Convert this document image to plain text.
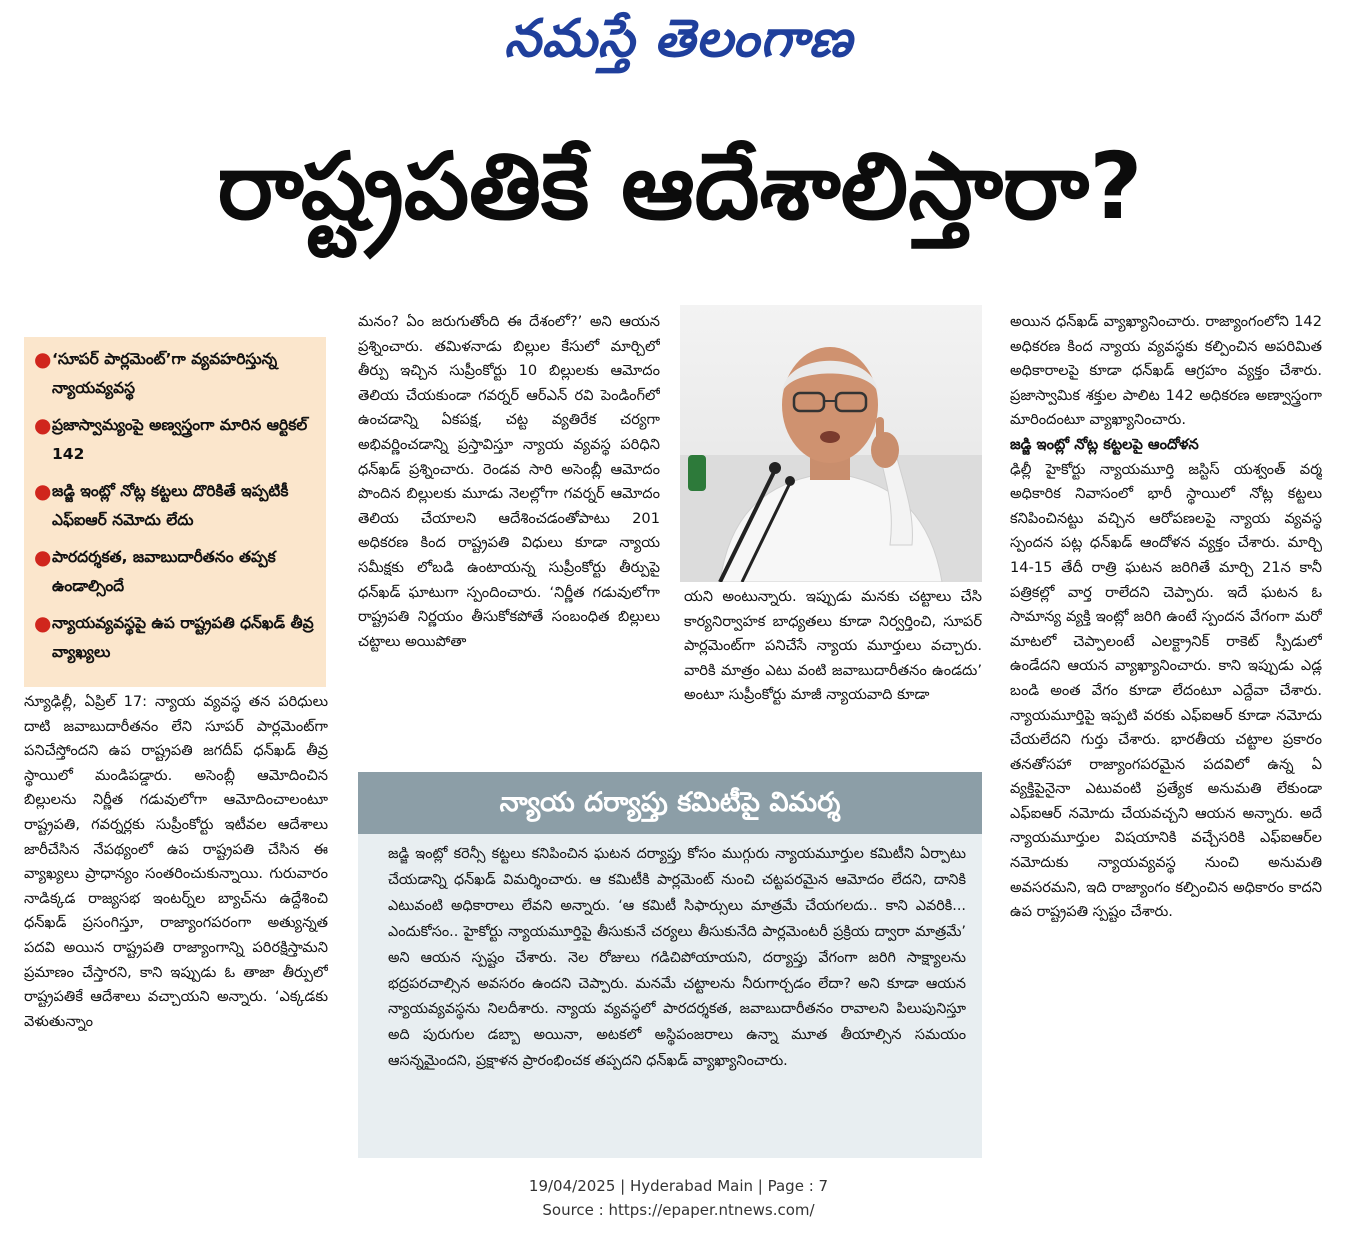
నమస్తే తెలంగాణ
రాష్ట్రపతికే ఆదేశాలిస్తారా?
● ‘సూపర్ పార్లమెంట్’గా వ్యవహరిస్తున్న న్యాయవ్యవస్థ
● ప్రజాస్వామ్యంపై అణ్వస్త్రంగా మారిన ఆర్టికల్ 142
● జడ్జి ఇంట్లో నోట్ల కట్టలు దొరికితే ఇప్పటికీ ఎఫ్ఐఆర్ నమోదు లేదు
● పారదర్శకత, జవాబుదారీతనం తప్పక ఉండాల్సిందే
● న్యాయవ్యవస్థపై ఉప రాష్ట్రపతి ధన్‌ఖడ్ తీవ్ర వ్యాఖ్యలు

న్యూఢిల్లీ, ఏప్రిల్ 17: న్యాయ వ్యవస్థ తన పరిధులు దాటి జవాబుదారీతనం లేని సూపర్ పార్లమెంట్‌గా పనిచేస్తోందని ఉప రాష్ట్రపతి జగదీప్ ధన్‌ఖడ్ తీవ్ర స్థాయిలో మండిపడ్డారు. అసెంబ్లీ ఆమోదించిన బిల్లులను నిర్ణీత గడువులోగా ఆమోదించాలంటూ రాష్ట్రపతి, గవర్నర్లకు సుప్రీంకోర్టు ఇటీవల ఆదేశాలు జారీచేసిన నేపథ్యంలో ఉప రాష్ట్రపతి చేసిన ఈ వ్యాఖ్యలు ప్రాధాన్యం సంతరించుకున్నాయి. గురువారం నాడిక్కడ రాజ్యసభ ఇంటర్న్‌ల బ్యాచ్‌ను ఉద్దేశించి ధన్‌ఖడ్ ప్రసంగిస్తూ, రాజ్యాంగపరంగా అత్యున్నత పదవి అయిన రాష్ట్రపతి రాజ్యాంగాన్ని పరిరక్షిస్తామని ప్రమాణం చేస్తారని, కాని ఇప్పుడు ఓ తాజా తీర్పులో రాష్ట్రపతికే ఆదేశాలు వచ్చాయని అన్నారు. ‘ఎక్కడకు వెళుతున్నాం

మనం? ఏం జరుగుతోంది ఈ దేశంలో?’ అని ఆయన ప్రశ్నించారు. తమిళనాడు బిల్లుల కేసులో మార్చిలో తీర్పు ఇచ్చిన సుప్రీంకోర్టు 10 బిల్లులకు ఆమోదం తెలియ చేయకుండా గవర్నర్ ఆర్ఎన్ రవి పెండింగ్‌లో ఉంచడాన్ని ఏకపక్ష, చట్ట వ్యతిరేక చర్యగా అభివర్ణించడాన్ని ప్రస్తావిస్తూ న్యాయ వ్యవస్థ పరిధిని ధన్‌ఖడ్ ప్రశ్నించారు. రెండవ సారి అసెంబ్లీ ఆమోదం పొందిన బిల్లులకు మూడు నెలల్లోగా గవర్నర్ ఆమోదం తెలియ చేయాలని ఆదేశించడంతోపాటు 201 అధికరణ కింద రాష్ట్రపతి విధులు కూడా న్యాయ సమీక్షకు లోబడి ఉంటాయన్న సుప్రీంకోర్టు తీర్పుపై ధన్‌ఖడ్ ఘాటుగా స్పందించారు. ‘నిర్ణీత గడువులోగా రాష్ట్రపతి నిర్ణయం తీసుకోకపోతే సంబంధిత బిల్లులు చట్టాలు అయిపోతా

యని అంటున్నారు. ఇప్పుడు మనకు చట్టాలు చేసి కార్యనిర్వాహక బాధ్యతలు కూడా నిర్వర్తించి, సూపర్ పార్లమెంట్‌గా పనిచేసే న్యాయ మూర్తులు వచ్చారు. వారికి మాత్రం ఎటు వంటి జవాబుదారీతనం ఉండదు’ అంటూ సుప్రీంకోర్టు మాజీ న్యాయవాది కూడా

అయిన ధన్‌ఖడ్ వ్యాఖ్యానించారు. రాజ్యాంగంలోని 142 అధికరణ కింద న్యాయ వ్యవస్థకు కల్పించిన అపరిమిత అధికారాలపై కూడా ధన్‌ఖడ్ ఆగ్రహం వ్యక్తం చేశారు. ప్రజాస్వామిక శక్తుల పాలిట 142 అధికరణ అణ్వాస్త్రంగా మారిందంటూ వ్యాఖ్యానించారు.

జడ్జి ఇంట్లో నోట్ల కట్టలపై ఆందోళన

ఢిల్లీ హైకోర్టు న్యాయమూర్తి జస్టిస్ యశ్వంత్ వర్మ అధికారిక నివాసంలో భారీ స్థాయిలో నోట్ల కట్టలు కనిపించినట్టు వచ్చిన ఆరోపణలపై న్యాయ వ్యవస్థ స్పందన పట్ల ధన్‌ఖడ్ ఆందోళన వ్యక్తం చేశారు. మార్చి 14-15 తేదీ రాత్రి ఘటన జరిగితే మార్చి 21న కానీ పత్రికల్లో వార్త రాలేదని చెప్పారు. ఇదే ఘటన ఓ సామాన్య వ్యక్తి ఇంట్లో జరిగి ఉంటే స్పందన వేగంగా మరో మాటలో చెప్పాలంటే ఎలక్ట్రానిక్ రాకెట్ స్పీడులో ఉండేదని ఆయన వ్యాఖ్యానించారు. కాని ఇప్పుడు ఎడ్ల బండి అంత వేగం కూడా లేదంటూ ఎద్దేవా చేశారు. న్యాయమూర్తిపై ఇప్పటి వరకు ఎఫ్ఐఆర్ కూడా నమోదు చేయలేదని గుర్తు చేశారు. భారతీయ చట్టాల ప్రకారం తనతోసహా రాజ్యాంగపరమైన పదవిలో ఉన్న ఏ వ్యక్తిపైనైనా ఎటువంటి ప్రత్యేక అనుమతి లేకుండా ఎఫ్ఐఆర్ నమోదు చేయవచ్చని ఆయన అన్నారు. అదే న్యాయమూర్తుల విషయానికి వచ్చేసరికి ఎఫ్ఐఆర్‌ల నమోదుకు న్యాయవ్యవస్థ నుంచి అనుమతి అవసరమని, ఇది రాజ్యాంగం కల్పించిన అధికారం కాదని ఉప రాష్ట్రపతి స్పష్టం చేశారు.

న్యాయ దర్యాప్తు కమిటీపై విమర్శ

జడ్జి ఇంట్లో కరెన్సీ కట్టలు కనిపించిన ఘటన దర్యాప్తు కోసం ముగ్గురు న్యాయమూర్తుల కమిటీని ఏర్పాటు చేయడాన్ని ధన్‌ఖడ్ విమర్శించారు. ఆ కమిటీకి పార్లమెంట్ నుంచి చట్టపరమైన ఆమోదం లేదని, దానికి ఎటువంటి అధికారాలు లేవని అన్నారు. ‘ఆ కమిటీ సిఫార్సులు మాత్రమే చేయగలదు.. కాని ఎవరికి... ఎందుకోసం.. హైకోర్టు న్యాయమూర్తిపై తీసుకునే చర్యలు తీసుకునేది పార్లమెంటరీ ప్రక్రియ ద్వారా మాత్రమే’ అని ఆయన స్పష్టం చేశారు. నెల రోజులు గడిచిపోయాయని, దర్యాప్తు వేగంగా జరిగి సాక్ష్యాలను భద్రపరచాల్సిన అవసరం ఉందని చెప్పారు. మనమే చట్టాలను నీరుగార్చడం లేదా? అని కూడా ఆయన న్యాయవ్యవస్థను నిలదీశారు. న్యాయ వ్యవస్థలో పారదర్శకత, జవాబుదారీతనం రావాలని పిలుపునిస్తూ అది పురుగుల డబ్బా అయినా, అటకలో అస్థిపంజరాలు ఉన్నా మూత తీయాల్సిన సమయం ఆసన్నమైందని, ప్రక్షాళన ప్రారంభించక తప్పదని ధన్‌ఖడ్ వ్యాఖ్యానించారు.

19/04/2025 | Hyderabad Main | Page : 7
Source : https://epaper.ntnews.com/
